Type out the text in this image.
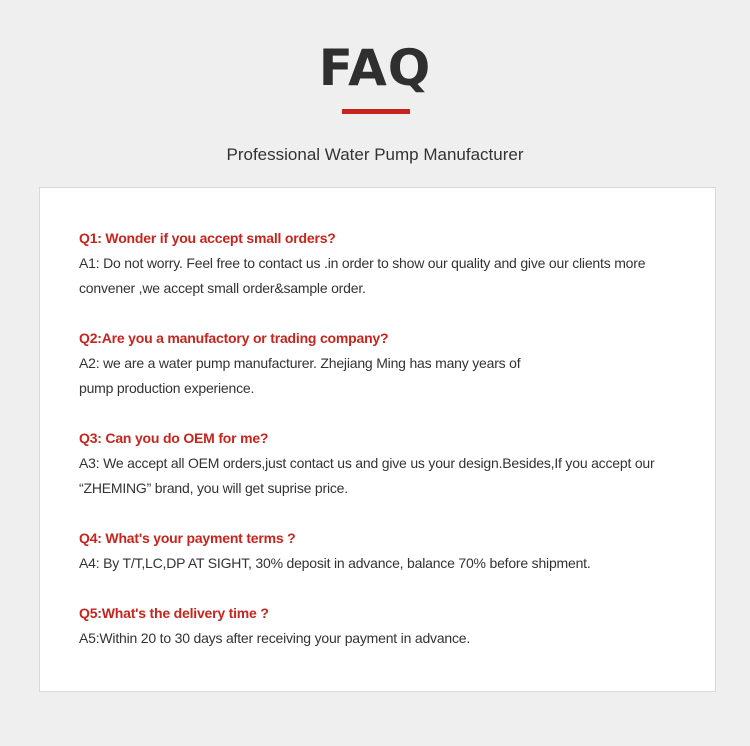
FAQ
Professional Water Pump Manufacturer
Q1: Wonder if you accept small orders?
A1: Do not worry. Feel free to contact us .in order to show our quality and give our clients more
convener ,we accept small order&sample order.
Q2:Are you a manufactory or trading company?
A2: we are a water pump manufacturer. Zhejiang Ming has many years of
pump production experience.
Q3: Can you do OEM for me?
A3: We accept all OEM orders,just contact us and give us your design.Besides,If you accept our
“ZHEMING” brand, you will get suprise price.
Q4: What's your payment terms ?
A4: By T/T,LC,DP AT SIGHT, 30% deposit in advance, balance 70% before shipment.
Q5:What's the delivery time ?
A5:Within 20 to 30 days after receiving your payment in advance.
